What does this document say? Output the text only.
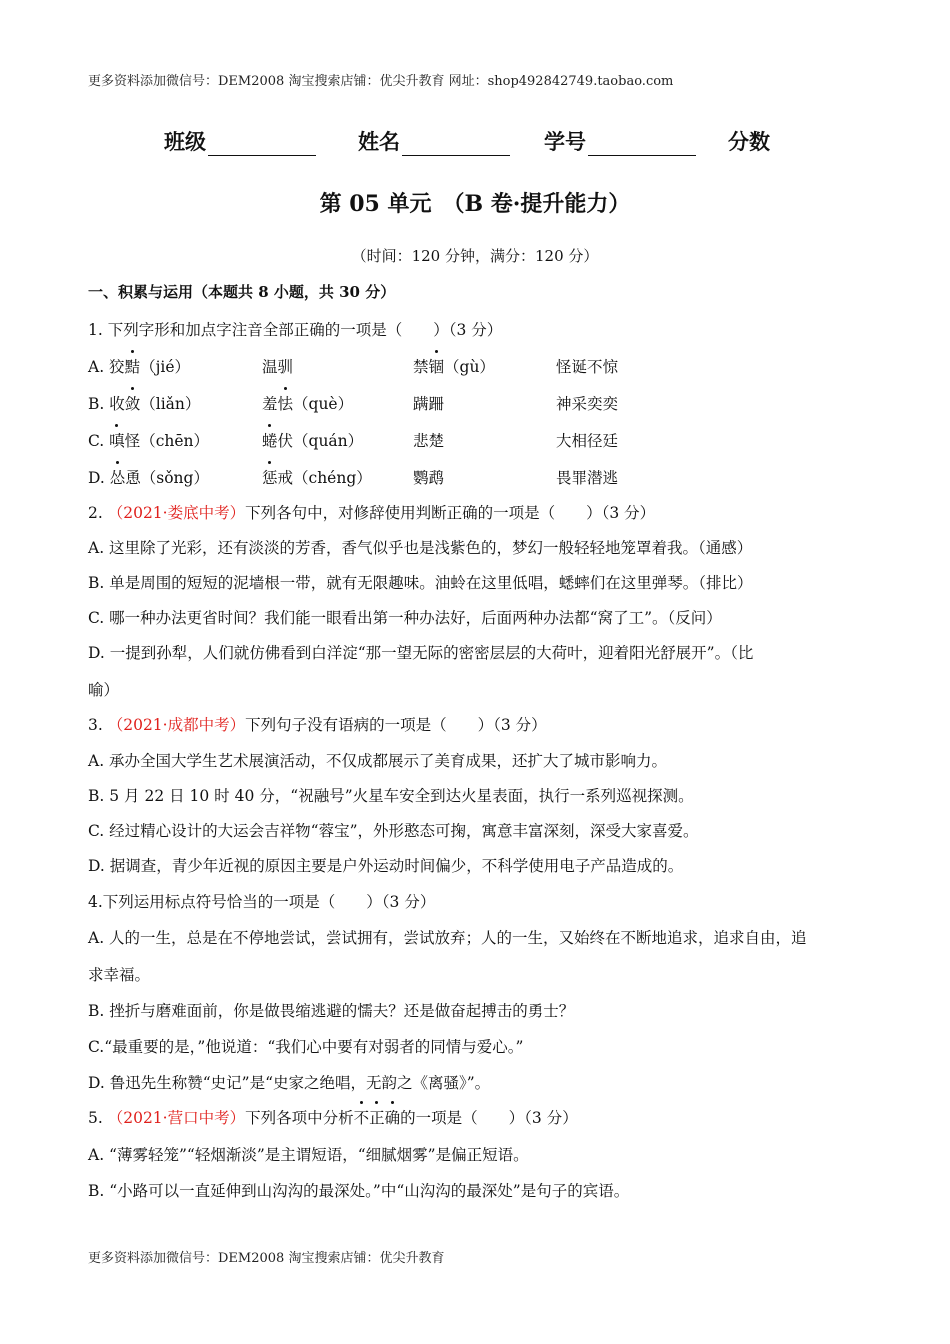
更多资料添加微信号：DEM2008 淘宝搜索店铺：优尖升教育 网址：shop492842749.taobao.com
班级	姓名	学号	分数
第 05 单元　（B 卷·提升能力）
（时间：120 分钟，满分：120 分）
一、积累与运用（本题共 8 小题，共 30 分）
1. 下列字形和加点字注音全部正确的一项是（　　）（3 分）
A. 狡黠（jié）	温驯	禁锢（gù）	怪诞不惊
B. 收敛（liǎn）	羞怯（què）	蹒跚	神采奕奕
C. 嗔怪（chēn）	蜷伏（quán）	悲楚	大相径廷
D. 怂恿（sǒng）	惩戒（chéng）	鹦鹉	畏罪潜逃
2. （2021·娄底中考）下列各句中，对修辞使用判断正确的一项是（　　）（3 分）
A. 这里除了光彩，还有淡淡的芳香，香气似乎也是浅紫色的，梦幻一般轻轻地笼罩着我。（通感）
B. 单是周围的短短的泥墙根一带，就有无限趣味。油蛉在这里低唱，蟋蟀们在这里弹琴。（排比）
C. 哪一种办法更省时间？我们能一眼看出第一种办法好，后面两种办法都“窝了工”。（反问）
D. 一提到孙犁，人们就仿佛看到白洋淀“那一望无际的密密层层的大荷叶，迎着阳光舒展开”。（比
喻）
3. （2021·成都中考）下列句子没有语病的一项是（　　）（3 分）
A. 承办全国大学生艺术展演活动，不仅成都展示了美育成果，还扩大了城市影响力。
B. 5 月 22 日 10 时 40 分，“祝融号”火星车安全到达火星表面，执行一系列巡视探测。
C. 经过精心设计的大运会吉祥物“蓉宝”，外形憨态可掬，寓意丰富深刻，深受大家喜爱。
D. 据调查，青少年近视的原因主要是户外运动时间偏少，不科学使用电子产品造成的。
4.下列运用标点符号恰当的一项是（　　）（3 分）
A. 人的一生，总是在不停地尝试，尝试拥有，尝试放弃；人的一生，又始终在不断地追求，追求自由，追
求幸福。
B. 挫折与磨难面前，你是做畏缩逃避的懦夫？还是做奋起搏击的勇士？
C.“最重要的是，”他说道：“我们心中要有对弱者的同情与爱心。”
D. 鲁迅先生称赞“史记”是“史家之绝唱，无韵之《离骚》”。
5. （2021·营口中考）下列各项中分析不正确的一项是（　　）（3 分）
A. “薄雾轻笼”“轻烟渐淡”是主谓短语，“细腻烟雾”是偏正短语。
B. “小路可以一直延伸到山沟沟的最深处。”中“山沟沟的最深处”是句子的宾语。
更多资料添加微信号：DEM2008 淘宝搜索店铺：优尖升教育
